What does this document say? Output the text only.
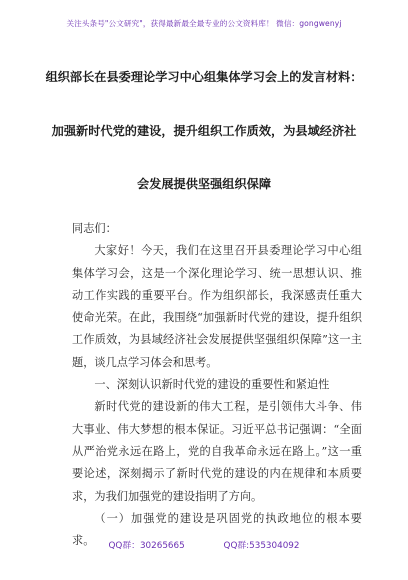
关注头条号"公文研究"，获得最新最全最专业的公文资料库！ 微信：gongwenyj
组织部长在县委理论学习中心组集体学习会上的发言材料：
加强新时代党的建设，提升组织工作质效，为县域经济社
会发展提供坚强组织保障

同志们：

大家好！今天，我们在这里召开县委理论学习中心组集体学习会，这是一个深化理论学习、统一思想认识、推动工作实践的重要平台。作为组织部长，我深感责任重大使命光荣。在此，我围绕“加强新时代党的建设，提升组织工作质效，为县域经济社会发展提供坚强组织保障”这一主题，谈几点学习体会和思考。

一、深刻认识新时代党的建设的重要性和紧迫性

新时代党的建设新的伟大工程，是引领伟大斗争、伟大事业、伟大梦想的根本保证。习近平总书记强调：“全面从严治党永远在路上，党的自我革命永远在路上。”这一重要论述，深刻揭示了新时代党的建设的内在规律和本质要求，为我们加强党的建设指明了方向。

（一）加强党的建设是巩固党的执政地位的根本要求。	QQ群：30265665	QQ群:535304092
